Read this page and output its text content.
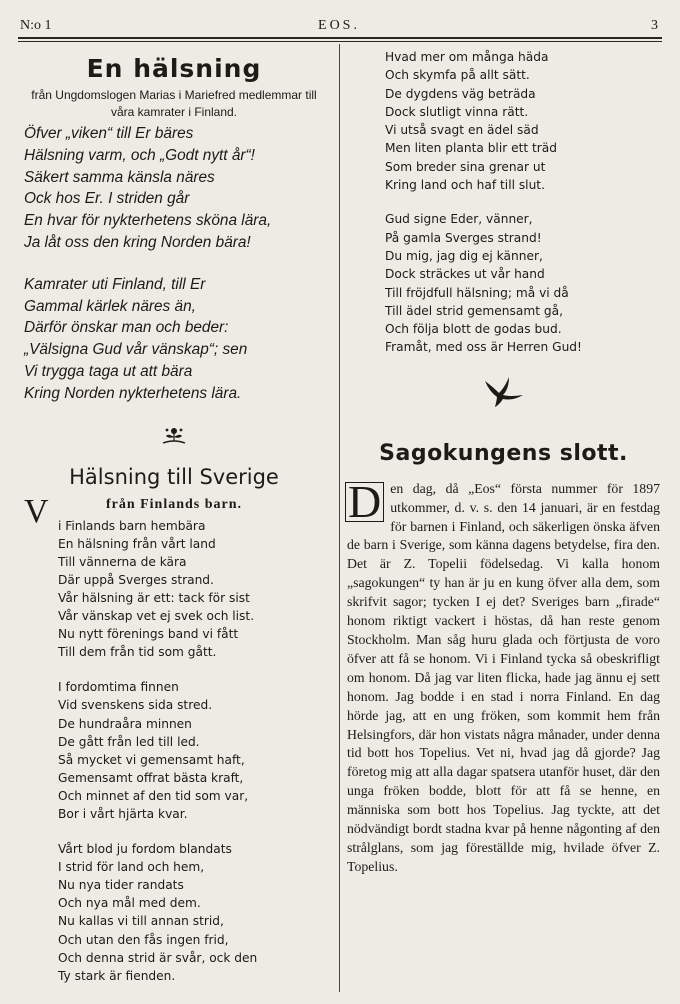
N:o 1	EOS.	3
En hälsning
från Ungdomslogen Marias i Mariefred medlemmar till våra kamrater i Finland.
Öfver „viken“ till Er bäres
Hälsning varm, och „Godt nytt år“!
Säkert samma känsla näres
Ock hos Er. I striden går
En hvar för nykterhetens sköna lära,
Ja låt oss den kring Norden bära!
Kamrater uti Finland, till Er
Gammal kärlek näres än,
Därför önskar man och beder:
„Välsigna Gud vår vänskap“; sen
Vi trygga taga ut att bära
Kring Norden nykterhetens lära.
Hälsning till Sverige
från Finlands barn.
V i Finlands barn hembära
En hälsning från vårt land
Till vännerna de kära
Där uppå Sverges strand.
Vår hälsning är ett: tack för sist
Vår vänskap vet ej svek och list.
Nu nytt förenings band vi fått
Till dem från tid som gått.
I fordomtima finnen
Vid svenskens sida stred.
De hundraåra minnen
De gått från led till led.
Så mycket vi gemensamt haft,
Gemensamt offrat bästa kraft,
Och minnet af den tid som var,
Bor i vårt hjärta kvar.
Vårt blod ju fordom blandats
I strid för land och hem,
Nu nya tider randats
Och nya mål med dem.
Nu kallas vi till annan strid,
Och utan den fås ingen frid,
Och denna strid är svår, ock den
Ty stark är fienden.
Hvad mer om många häda
Och skymfa på allt sätt.
De dygdens väg beträda
Dock slutligt vinna rätt.
Vi utså svagt en ädel säd
Men liten planta blir ett träd
Som breder sina grenar ut
Kring land och haf till slut.
Gud signe Eder, vänner,
På gamla Sverges strand!
Du mig, jag dig ej känner,
Dock sträckes ut vår hand
Till fröjdfull hälsning; må vi då
Till ädel strid gemensamt gå,
Och följa blott de godas bud.
Framåt, med oss är Herren Gud!
Sagokungens slott.
D en dag, då „Eos“ första nummer för 1897 utkommer, d. v. s. den 14 januari, är en festdag för barnen i Finland, och säkerligen önska äfven de barn i Sverige, som känna dagens betydelse, fira den. Det är Z. Topelii födelsedag. Vi kalla honom „sagokungen“ ty han är ju en kung öfver alla dem, som skrifvit sagor; tycken I ej det? Sveriges barn „firade“ honom riktigt vackert i höstas, då han reste genom Stockholm. Man såg huru glada och förtjusta de voro öfver att få se honom. Vi i Finland tycka så obeskrifligt om honom. Då jag var liten flicka, hade jag ännu ej sett honom. Jag bodde i en stad i norra Finland. En dag hörde jag, att en ung fröken, som kommit hem från Helsingfors, där hon vistats några månader, under denna tid bott hos Topelius. Vet ni, hvad jag då gjorde? Jag företog mig att alla dagar spatsera utanför huset, där den unga fröken bodde, blott för att få se henne, en människa som bott hos Topelius. Jag tyckte, att det nödvändigt bordt stadna kvar på henne någonting af den strålglans, som jag föreställde mig, hvilade öfver Z. Topelius.
